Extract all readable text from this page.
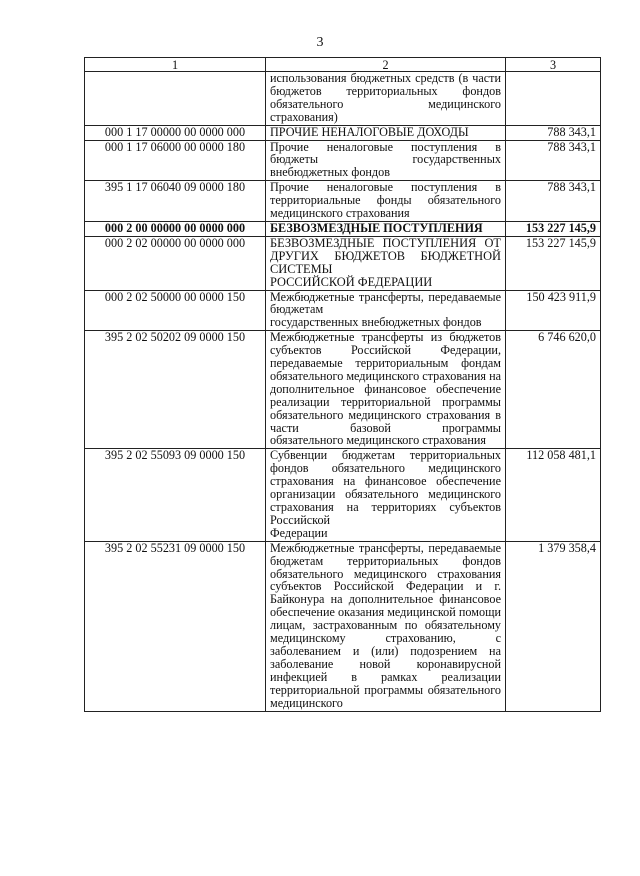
3
1	2	3
	использования бюджетных средств (в части бюджетов территориальных фондов обязательного медицинского
страхования)	

000 1 17 00000 00 0000 000	ПРОЧИЕ НЕНАЛОГОВЫЕ ДОХОДЫ	788 343,1
000 1 17 06000 00 0000 180	Прочие неналоговые поступления в бюджеты государственных
внебюджетных фондов	788 343,1
395 1 17 06040 09 0000 180	Прочие неналоговые поступления в территориальные фонды обязательного
медицинского страхования	788 343,1
000 2 00 00000 00 0000 000	БЕЗВОЗМЕЗДНЫЕ ПОСТУПЛЕНИЯ	153 227 145,9
000 2 02 00000 00 0000 000	БЕЗВОЗМЕЗДНЫЕ ПОСТУПЛЕНИЯ ОТ ДРУГИХ БЮДЖЕТОВ БЮДЖЕТНОЙ СИСТЕМЫ
РОССИЙСКОЙ ФЕДЕРАЦИИ	153 227 145,9
000 2 02 50000 00 0000 150	Межбюджетные трансферты, передаваемые бюджетам
государственных внебюджетных фондов	150 423 911,9
395 2 02 50202 09 0000 150	Межбюджетные трансферты из бюджетов субъектов Российской Федерации, передаваемые территориальным фондам обязательного медицинского страхования на дополнительное финансовое обеспечение реализации территориальной программы обязательного медицинского страхования в части базовой программы
обязательного медицинского страхования	6 746 620,0
395 2 02 55093 09 0000 150	Субвенции бюджетам территориальных фондов обязательного медицинского страхования на финансовое обеспечение организации обязательного медицинского страхования на территориях субъектов Российской
Федерации	112 058 481,1
395 2 02 55231 09 0000 150	Межбюджетные трансферты, передаваемые бюджетам территориальных фондов обязательного медицинского страхования субъектов Российской Федерации и г. Байконура на дополнительное финансовое обеспечение оказания медицинской помощи лицам, застрахованным по обязательному медицинскому страхованию, с заболеванием и (или) подозрением на заболевание новой коронавирусной инфекцией в рамках реализации территориальной программы обязательного медицинского	1 379 358,4
